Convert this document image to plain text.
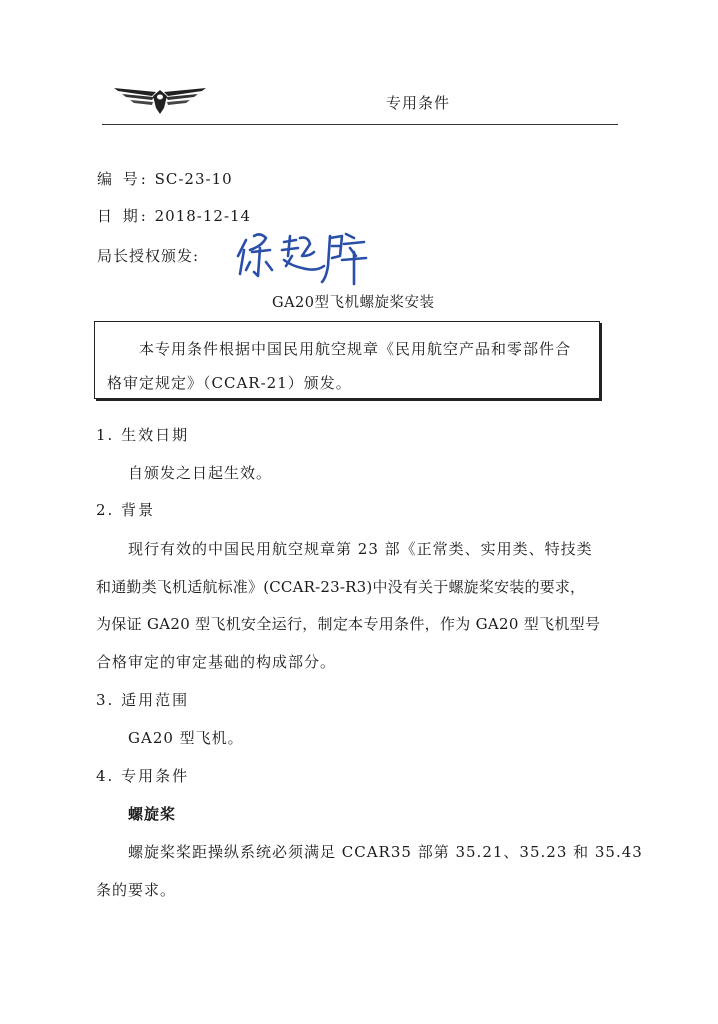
专用条件
编 号: SC-23-10
日 期: 2018-12-14
局长授权颁发:
GA20型飞机螺旋桨安装
本专用条件根据中国民用航空规章《民用航空产品和零部件合
格审定规定》（CCAR-21）颁发。
1. 生效日期
自颁发之日起生效。
2. 背景
现行有效的中国民用航空规章第 23 部《正常类、实用类、特技类
和通勤类飞机适航标准》(CCAR-23-R3)中没有关于螺旋桨安装的要求，
为保证 GA20 型飞机安全运行，制定本专用条件，作为 GA20 型飞机型号
合格审定的审定基础的构成部分。
3. 适用范围
GA20 型飞机。
4. 专用条件
螺旋桨
螺旋桨桨距操纵系统必须满足 CCAR35 部第 35.21、35.23 和 35.43
条的要求。
